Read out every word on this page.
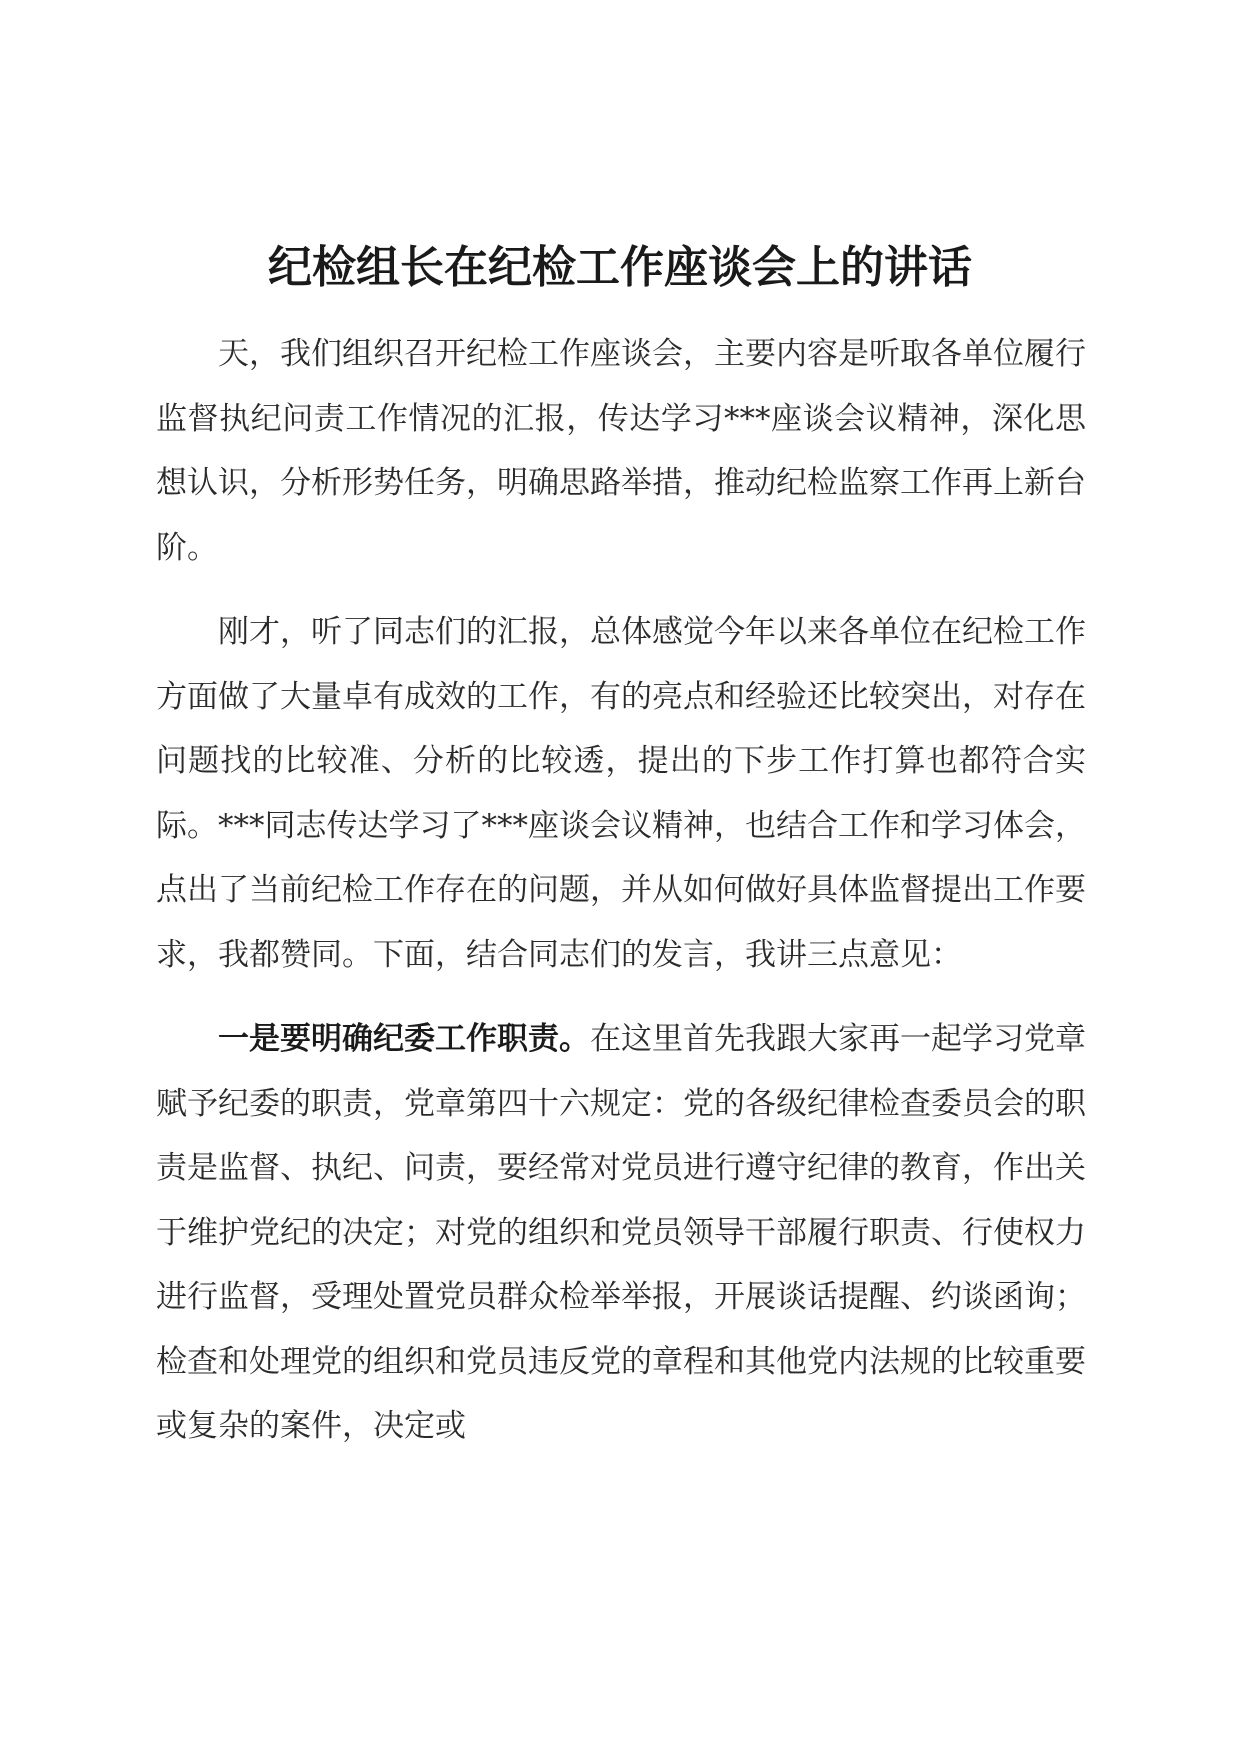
纪检组长在纪检工作座谈会上的讲话

天，我们组织召开纪检工作座谈会，主要内容是听取各单位履行监督执纪问责工作情况的汇报，传达学习***座谈会议精神，深化思想认识，分析形势任务，明确思路举措，推动纪检监察工作再上新台阶。

刚才，听了同志们的汇报，总体感觉今年以来各单位在纪检工作方面做了大量卓有成效的工作，有的亮点和经验还比较突出，对存在问题找的比较准、分析的比较透，提出的下步工作打算也都符合实际。***同志传达学习了***座谈会议精神，也结合工作和学习体会，点出了当前纪检工作存在的问题，并从如何做好具体监督提出工作要求，我都赞同。下面，结合同志们的发言，我讲三点意见：

一是要明确纪委工作职责。在这里首先我跟大家再一起学习党章赋予纪委的职责，党章第四十六规定：党的各级纪律检查委员会的职责是监督、执纪、问责，要经常对党员进行遵守纪律的教育，作出关于维护党纪的决定；对党的组织和党员领导干部履行职责、行使权力进行监督，受理处置党员群众检举举报，开展谈话提醒、约谈函询；检查和处理党的组织和党员违反党的章程和其他党内法规的比较重要或复杂的案件，决定或
